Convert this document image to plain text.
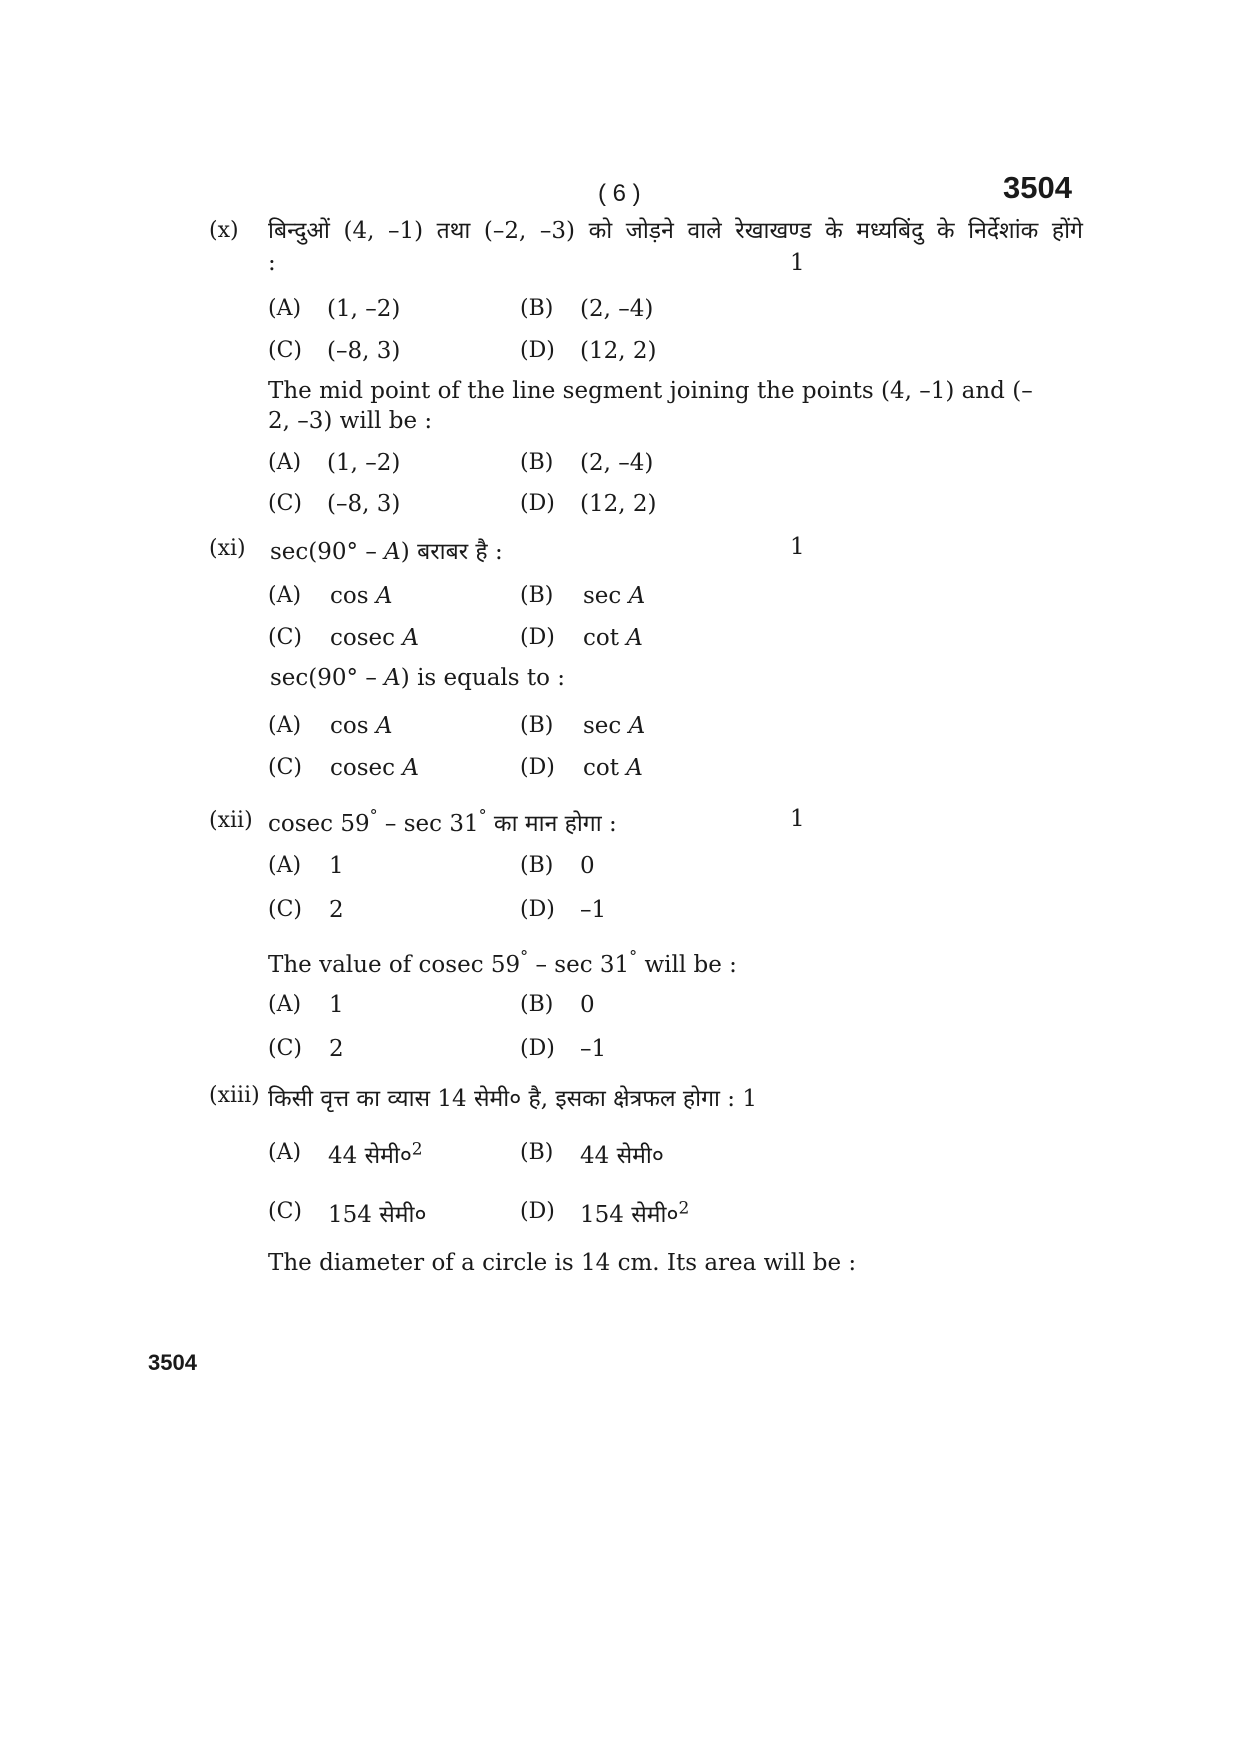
( 6 )	3504
(x) बिन्दुओं (4, –1) तथा (–2, –3) को जोड़ने वाले रेखाखण्ड के मध्यबिंदु के निर्देशांक होंगे
:	1
(A) (1, –2)	(B) (2, –4)
(C) (–8, 3)	(D) (12, 2)
The mid point of the line segment joining the points (4, –1) and (–
2, –3) will be :
(A) (1, –2)	(B) (2, –4)
(C) (–8, 3)	(D) (12, 2)
(xi) sec(90° – A) बराबर है :	1
(A) cos A	(B) sec A
(C) cosec A	(D) cot A
sec(90° – A) is equals to :
(A) cos A	(B) sec A
(C) cosec A	(D) cot A
(xii) cosec 59° – sec 31° का मान होगा :	1
(A) 1	(B) 0
(C) 2	(D) –1
The value of cosec 59° – sec 31° will be :
(A) 1	(B) 0
(C) 2	(D) –1
(xiii) किसी वृत्त का व्यास 14 सेमी० है, इसका क्षेत्रफल होगा : 1
(A) 44 $सेमी०^2$	(B) 44 सेमी०
(C) 154 सेमी०	(D) 154 $सेमी०^2$
The diameter of a circle is 14 cm. Its area will be :
3504
